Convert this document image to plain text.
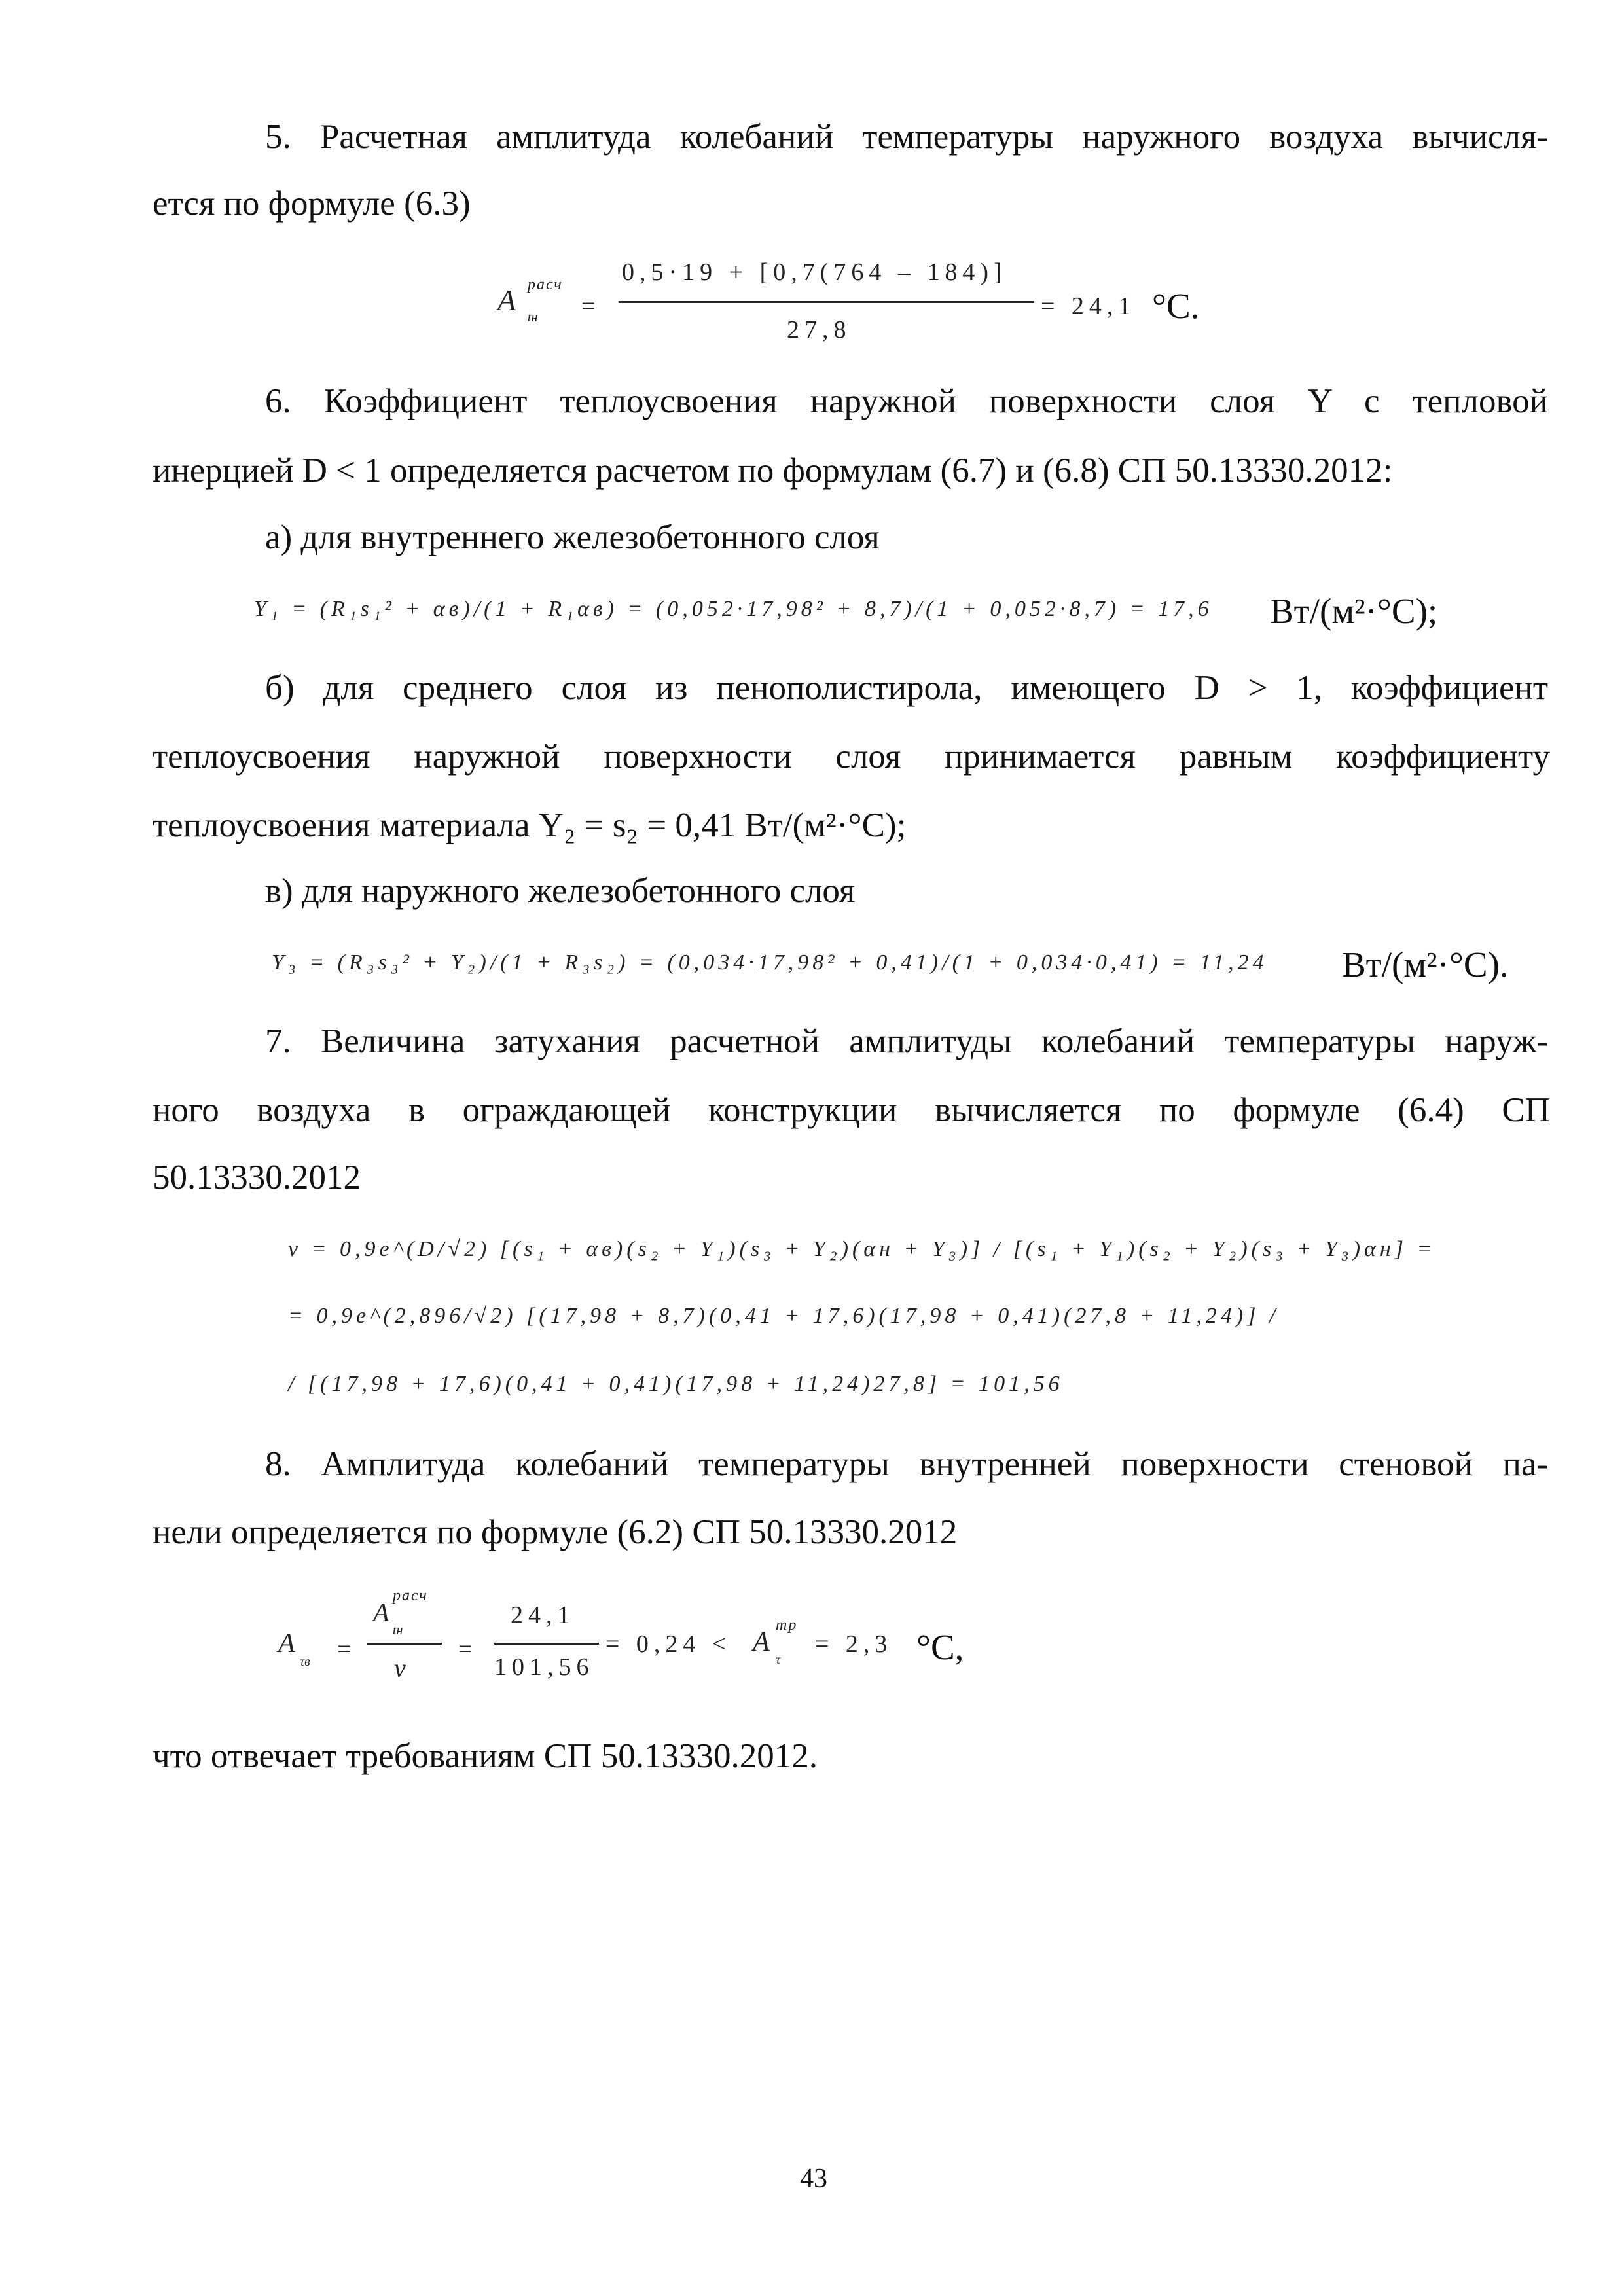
5. Расчетная амплитуда колебаний температуры наружного воздуха вычисля-
ется по формуле (6.3)
A расч
tн =
0,5·19 + [0,7(764 – 184)]
27,8
= 24,1 °C.
6. Коэффициент теплоусвоения наружной поверхности слоя Y с тепловой
инерцией D < 1 определяется расчетом по формулам (6.7) и (6.8) СП 50.13330.2012:
а) для внутреннего железобетонного слоя
Y₁ = (R₁s₁² + αв)/(1 + R₁αв) = (0,052·17,98² + 8,7)/(1 + 0,052·8,7) = 17,6 Вт/(м²·°C);
б) для среднего слоя из пенополистирола, имеющего D > 1, коэффициент
теплоусвоения наружной поверхности слоя принимается равным коэффициенту
теплоусвоения материала Y₂ = s₂ = 0,41 Вт/(м²·°C);
в) для наружного железобетонного слоя
Y₃ = (R₃s₃² + Y₂)/(1 + R₃s₂) = (0,034·17,98² + 0,41)/(1 + 0,034·0,41) = 11,24 Вт/(м²·°C).
7. Величина затухания расчетной амплитуды колебаний температуры наруж-
ного воздуха в ограждающей конструкции вычисляется по формуле (6.4) СП
50.13330.2012
ν = 0,9e^(D/√2) [(s₁ + αв)(s₂ + Y₁)(s₃ + Y₂)(αн + Y₃)] / [(s₁ + Y₁)(s₂ + Y₂)(s₃ + Y₃)αн] =
= 0,9e^(2,896/√2) [(17,98 + 8,7)(0,41 + 17,6)(17,98 + 0,41)(27,8 + 11,24)] /
/ [(17,98 + 17,6)(0,41 + 0,41)(17,98 + 11,24)27,8] = 101,56
8. Амплитуда колебаний температуры внутренней поверхности стеновой па-
нели определяется по формуле (6.2) СП 50.13330.2012
A
τв =
A
расч
tн
ν
=
24,1
101,56
= 0,24 < A
тр
τ
= 2,3 °C,
что отвечает требованиям СП 50.13330.2012.
43
